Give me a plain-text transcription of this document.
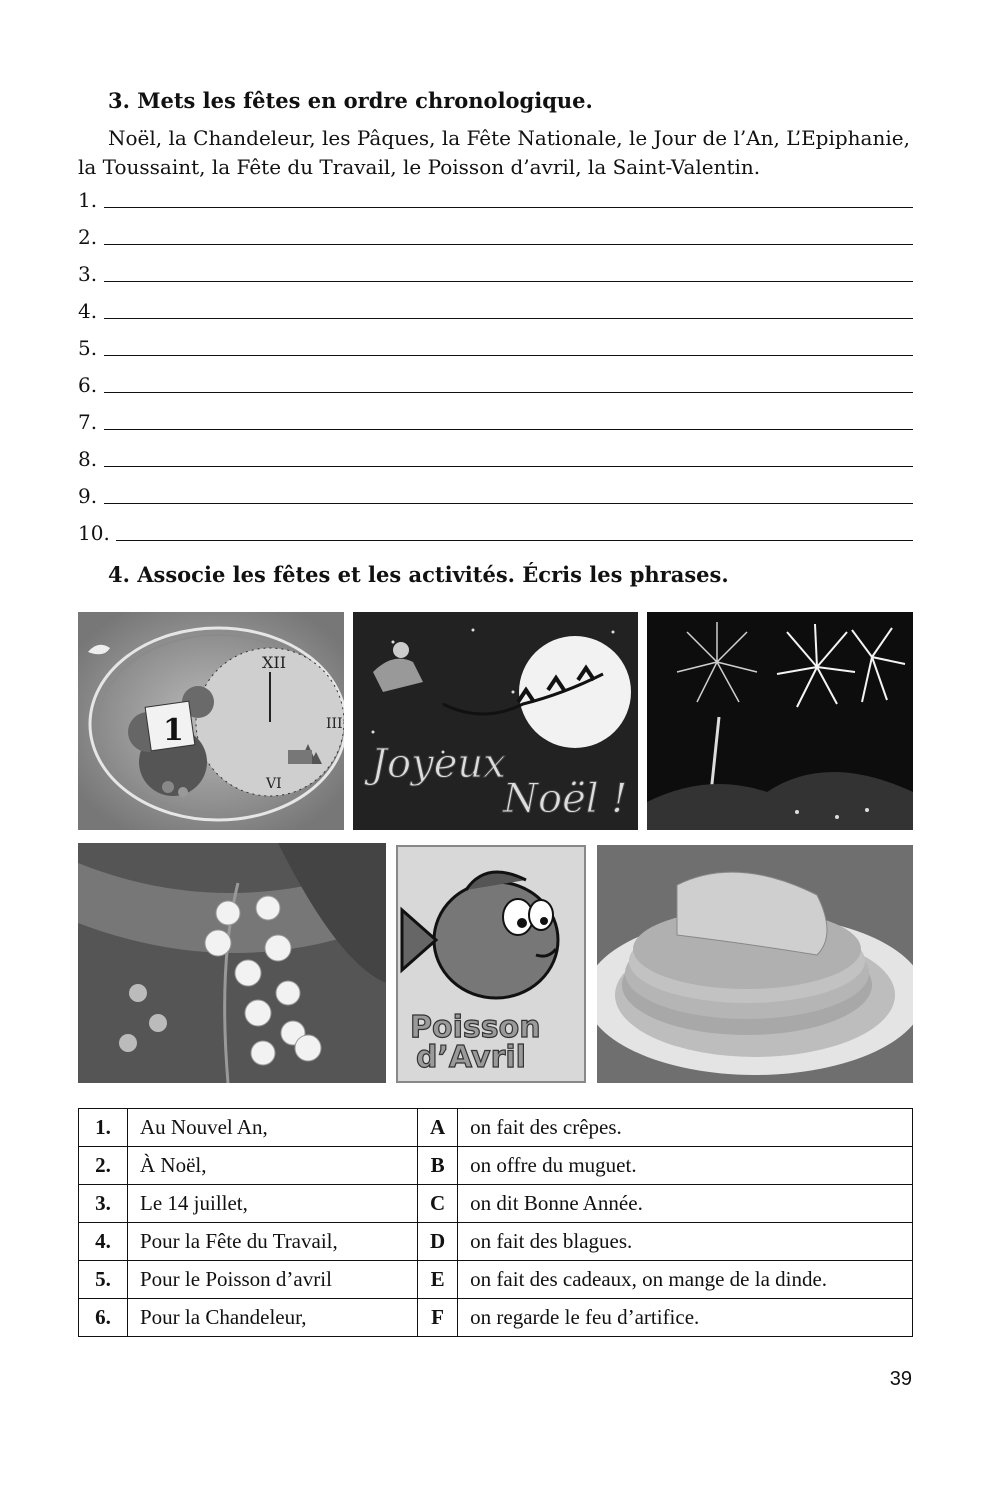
3. Mets les fêtes en ordre chronologique.
Noël, la Chandeleur, les Pâques, la Fête Nationale, le Jour de l’An, L’Epiphanie, la Toussaint, la Fête du Travail, le Poisson d’avril, la Saint-Valentin.
1.
2.
3.
4.
5.
6.
7.
8.
9.
10.
4. Associe les fêtes et les activités. Écris les phrases.
XII
III
VI
1
Joyeux
Noël !
Poisson
d’Avril
1.	Au Nouvel An,	A	on fait des crêpes.
2.	À Noël,	B	on offre du muguet.
3.	Le 14 juillet,	C	on dit Bonne Année.
4.	Pour la Fête du Travail,	D	on fait des blagues.
5.	Pour le Poisson d’avril	E	on fait des cadeaux, on mange de la dinde.
6.	Pour la Chandeleur,	F	on regarde le feu d’artifice.
39
